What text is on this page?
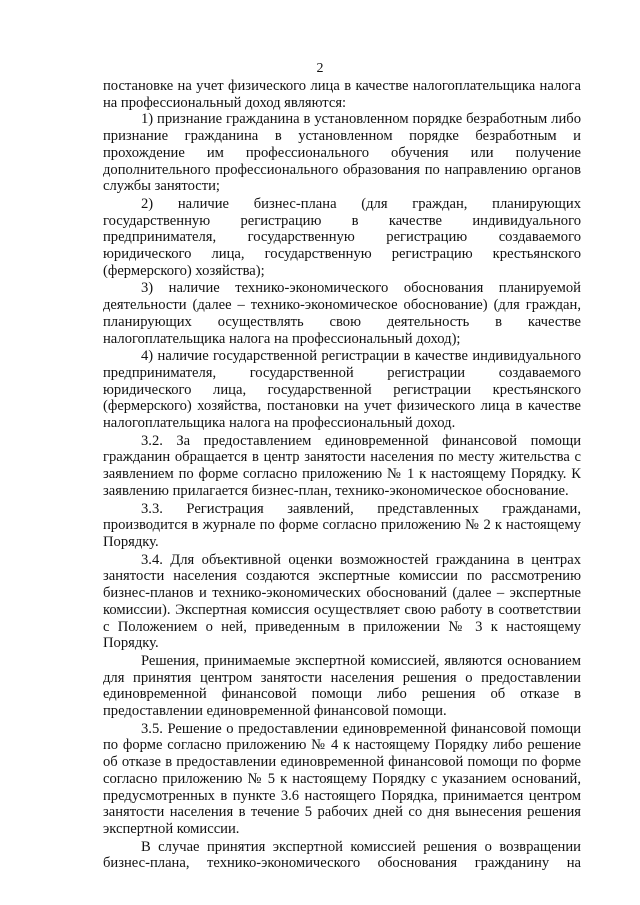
2

постановке на учет физического лица в качестве налогоплательщика налога на профессиональный доход являются:

1) признание гражданина в установленном порядке безработным либо признание гражданина в установленном порядке безработным и прохождение им профессионального обучения или получение дополнительного профессионального образования по направлению органов службы занятости;

2) наличие бизнес-плана (для граждан, планирующих государственную регистрацию в качестве индивидуального предпринимателя, государственную регистрацию создаваемого юридического лица, государственную регистрацию крестьянского (фермерского) хозяйства);

3) наличие технико-экономического обоснования планируемой деятельности (далее – технико-экономическое обоснование) (для граждан, планирующих осуществлять свою деятельность в качестве налогоплательщика налога на профессиональный доход);

4) наличие государственной регистрации в качестве индивидуального предпринимателя, государственной регистрации создаваемого юридического лица, государственной регистрации крестьянского (фермерского) хозяйства, постановки на учет физического лица в качестве налогоплательщика налога на профессиональный доход.

3.2. За предоставлением единовременной финансовой помощи гражданин обращается в центр занятости населения по месту жительства с заявлением по форме согласно приложению № 1 к настоящему Порядку. К заявлению прилагается бизнес-план, технико-экономическое обоснование.

3.3. Регистрация заявлений, представленных гражданами, производится в журнале по форме согласно приложению № 2 к настоящему Порядку.

3.4. Для объективной оценки возможностей гражданина в центрах занятости населения создаются экспертные комиссии по рассмотрению бизнес-планов и технико-экономических обоснований (далее – экспертные комиссии). Экспертная комиссия осуществляет свою работу в соответствии с Положением о ней, приведенным в приложении № 3 к настоящему Порядку.

Решения, принимаемые экспертной комиссией, являются основанием для принятия центром занятости населения решения о предоставлении единовременной финансовой помощи либо решения об отказе в предоставлении единовременной финансовой помощи.

3.5. Решение о предоставлении единовременной финансовой помощи по форме согласно приложению № 4 к настоящему Порядку либо решение об отказе в предоставлении единовременной финансовой помощи по форме согласно приложению № 5 к настоящему Порядку с указанием оснований, предусмотренных в пункте 3.6 настоящего Порядка, принимается центром занятости населения в течение 5 рабочих дней со дня вынесения решения экспертной комиссии.

В случае принятия экспертной комиссией решения о возвращении бизнес-плана, технико-экономического обоснования гражданину на
